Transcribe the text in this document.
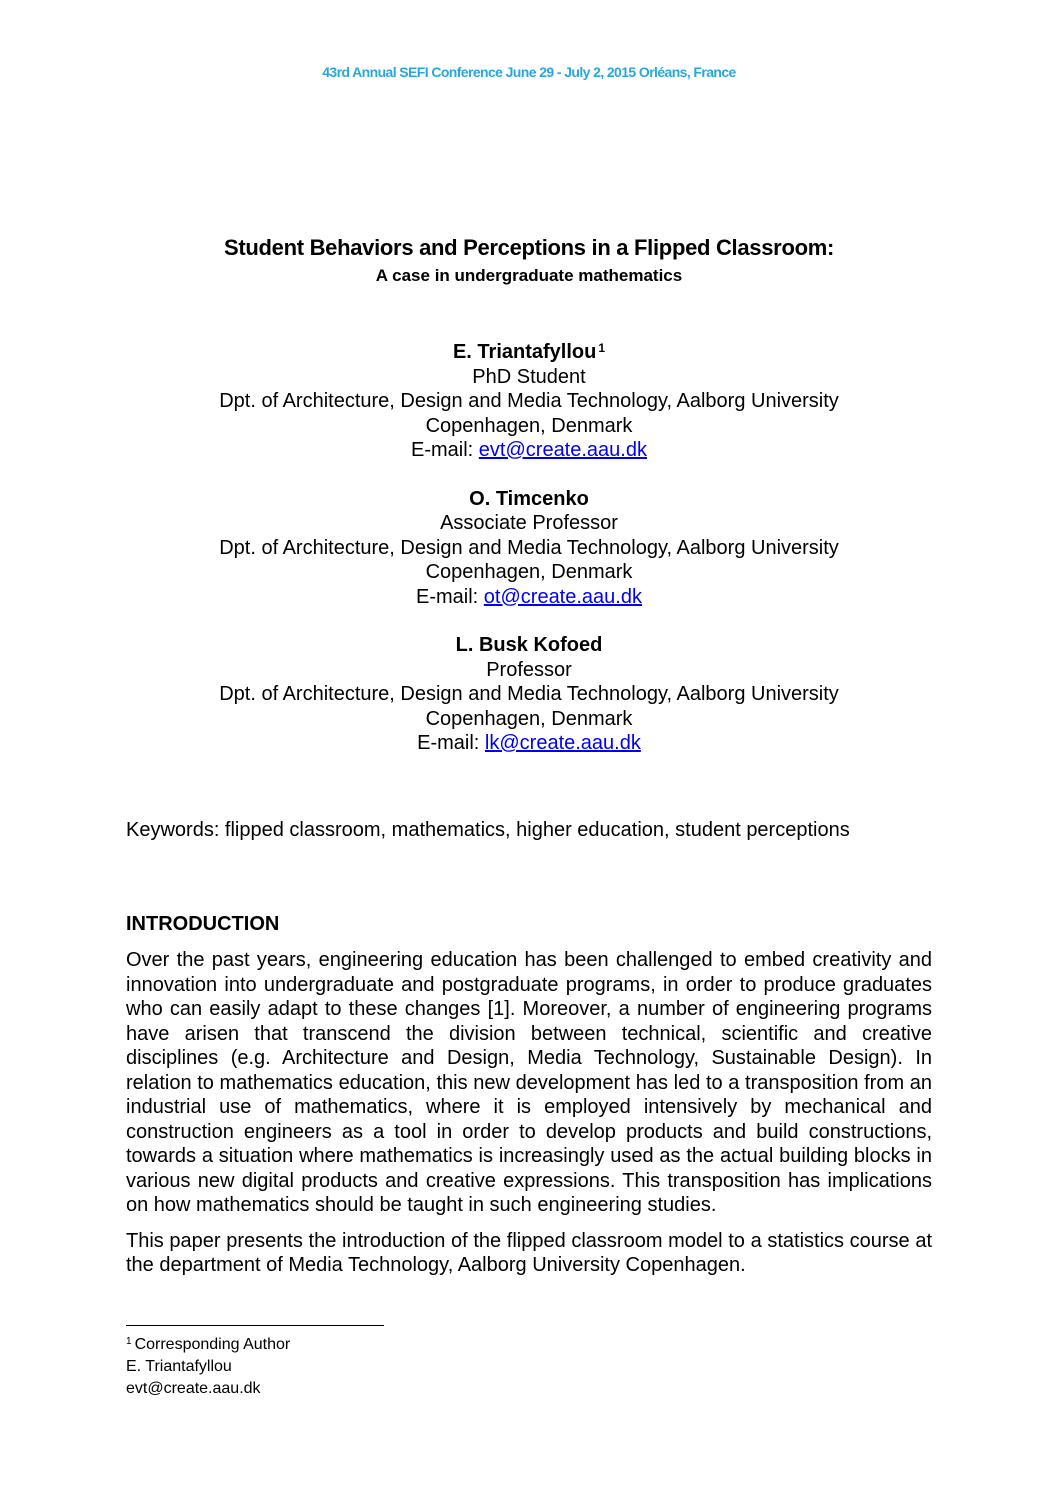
43rd Annual SEFI Conference June 29 - July 2, 2015 Orléans, France
Student Behaviors and Perceptions in a Flipped Classroom:
A case in undergraduate mathematics
E. Triantafyllou $^1$
PhD Student
Dpt. of Architecture, Design and Media Technology, Aalborg University
Copenhagen, Denmark
E-mail: evt@create.aau.dk
O. Timcenko
Associate Professor
Dpt. of Architecture, Design and Media Technology, Aalborg University
Copenhagen, Denmark
E-mail: ot@create.aau.dk
L. Busk Kofoed
Professor
Dpt. of Architecture, Design and Media Technology, Aalborg University
Copenhagen, Denmark
E-mail: lk@create.aau.dk
Keywords: flipped classroom, mathematics, higher education, student perceptions
INTRODUCTION

Over the past years, engineering education has been challenged to embed creativity and innovation into undergraduate and postgraduate programs, in order to produce graduates who can easily adapt to these changes [1]. Moreover, a number of engineering programs have arisen that transcend the division between technical, scientific and creative disciplines (e.g. Architecture and Design, Media Technology, Sustainable Design). In relation to mathematics education, this new development has led to a transposition from an industrial use of mathematics, where it is employed intensively by mechanical and construction engineers as a tool in order to develop products and build constructions, towards a situation where mathematics is increasingly used as the actual building blocks in various new digital products and creative expressions. This transposition has implications on how mathematics should be taught in such engineering studies.

This paper presents the introduction of the flipped classroom model to a statistics course at the department of Media Technology, Aalborg University Copenhagen.

$^1$ Corresponding Author
E. Triantafyllou
evt@create.aau.dk
